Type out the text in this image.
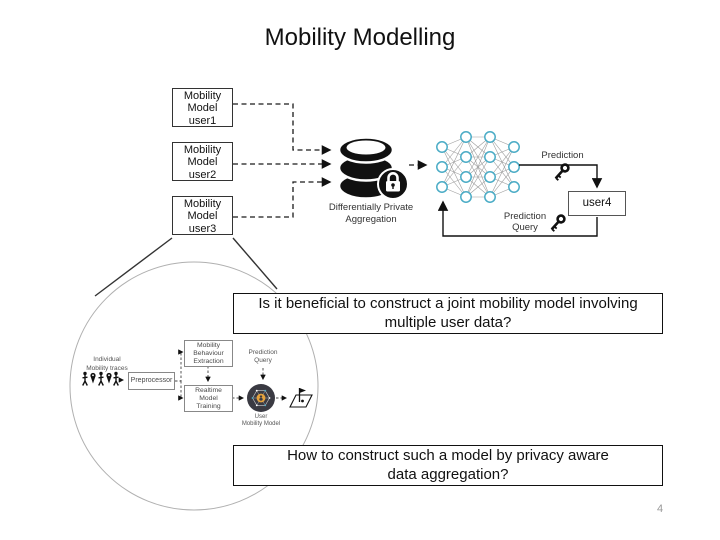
Mobility Modelling
Mobility
Model
user1
Mobility
Model
user2
Mobility
Model
user3
Differentially Private
Aggregation
Prediction
Prediction
Query
user4
Individual
Mobility traces
Preprocessor
Mobility
Behaviour
Extraction
Realtime
Model
Training
Prediction
Query
User
Mobility Model
Is it beneficial to construct a joint mobility model involving
multiple user data?
How to construct such a model by privacy aware
data aggregation?
4
